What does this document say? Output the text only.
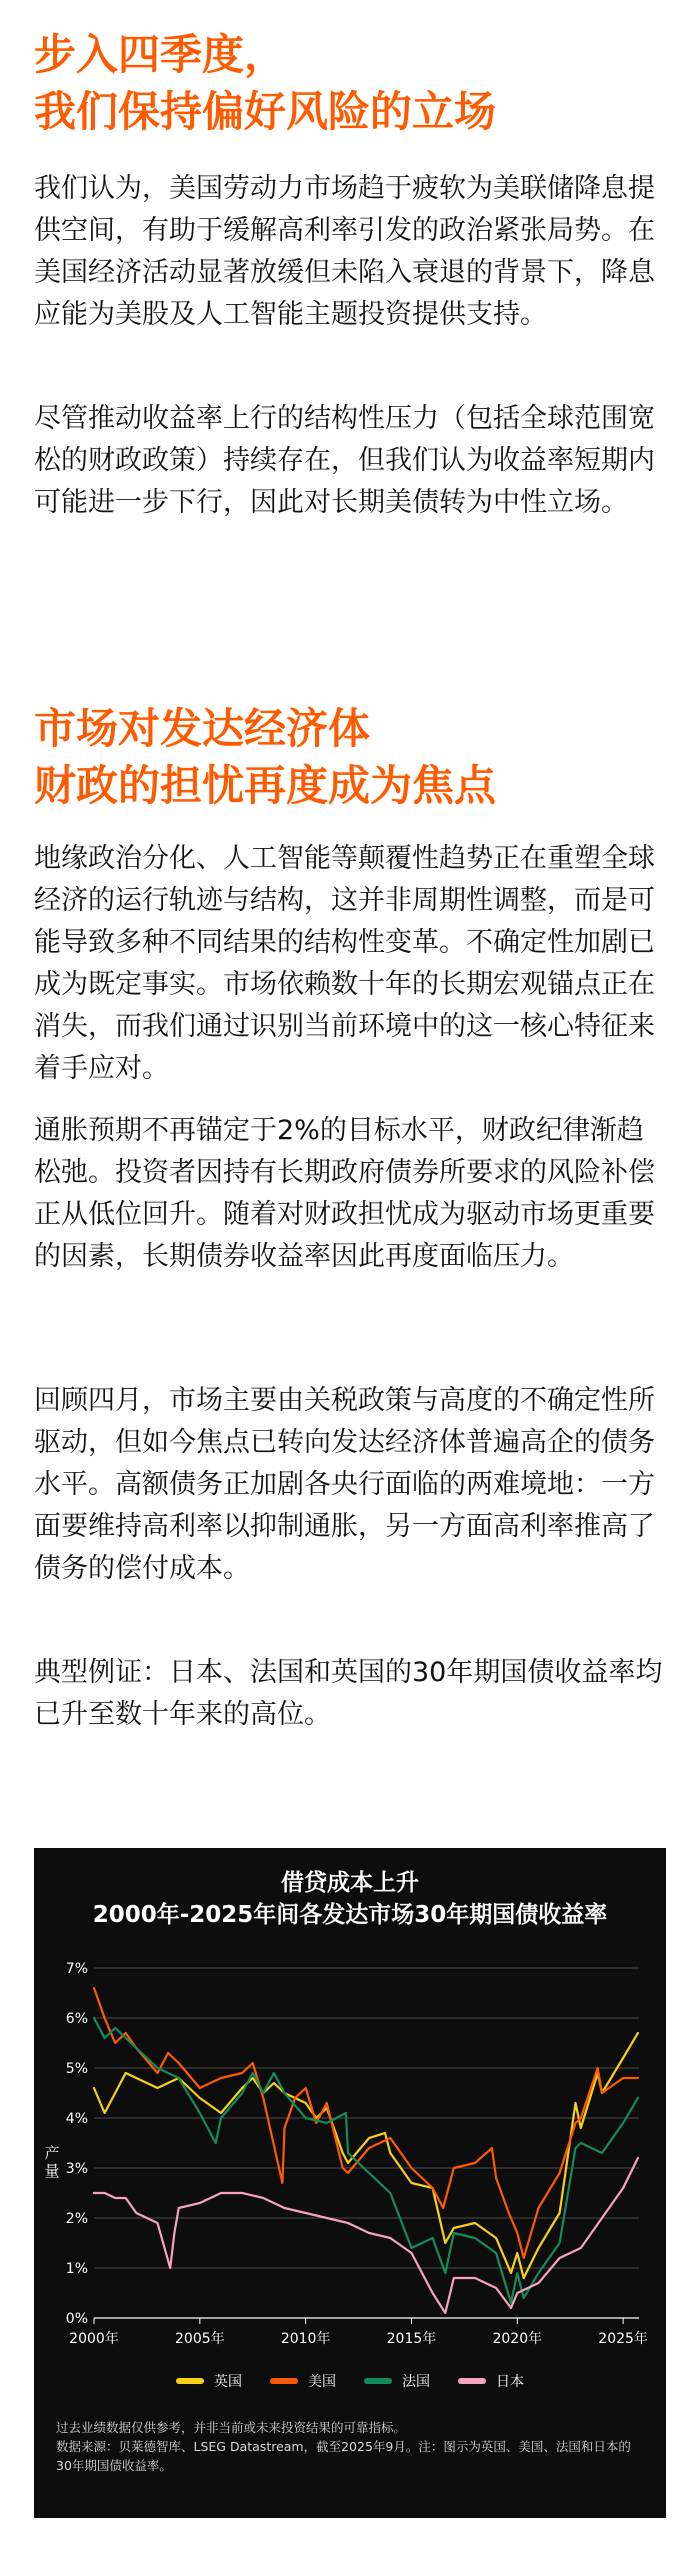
步入四季度，
我们保持偏好风险的立场

我们认为，美国劳动力市场趋于疲软为美联储降息提供空间，有助于缓解高利率引发的政治紧张局势。在美国经济活动显著放缓但未陷入衰退的背景下，降息应能为美股及人工智能主题投资提供支持。

尽管推动收益率上行的结构性压力（包括全球范围宽松的财政政策）持续存在，但我们认为收益率短期内可能进一步下行，因此对长期美债转为中性立场。

市场对发达经济体
财政的担忧再度成为焦点

地缘政治分化、人工智能等颠覆性趋势正在重塑全球经济的运行轨迹与结构，这并非周期性调整，而是可能导致多种不同结果的结构性变革。不确定性加剧已成为既定事实。市场依赖数十年的长期宏观锚点正在消失，而我们通过识别当前环境中的这一核心特征来着手应对。

通胀预期不再锚定于2%的目标水平，财政纪律渐趋松弛。投资者因持有长期政府债券所要求的风险补偿正从低位回升。随着对财政担忧成为驱动市场更重要的因素，长期债券收益率因此再度面临压力。

回顾四月，市场主要由关税政策与高度的不确定性所驱动，但如今焦点已转向发达经济体普遍高企的债务水平。高额债务正加剧各央行面临的两难境地：一方面要维持高利率以抑制通胀，另一方面高利率推高了债务的偿付成本。

典型例证：日本、法国和英国的30年期国债收益率均已升至数十年来的高位。

借贷成本上升
2000年-2025年间各发达市场30年期国债收益率
0%
1%
2%
3%
4%
5%
6%
7%
2000年	2005年	2010年	2015年	2020年	2025年
产量
英国	美国	法国	日本

过去业绩数据仅供参考，并非当前或未来投资结果的可靠指标。

数据来源：贝莱德智库、LSEG Datastream，截至2025年9月。注：图示为英国、美国、法国和日本的30年期国债收益率。
